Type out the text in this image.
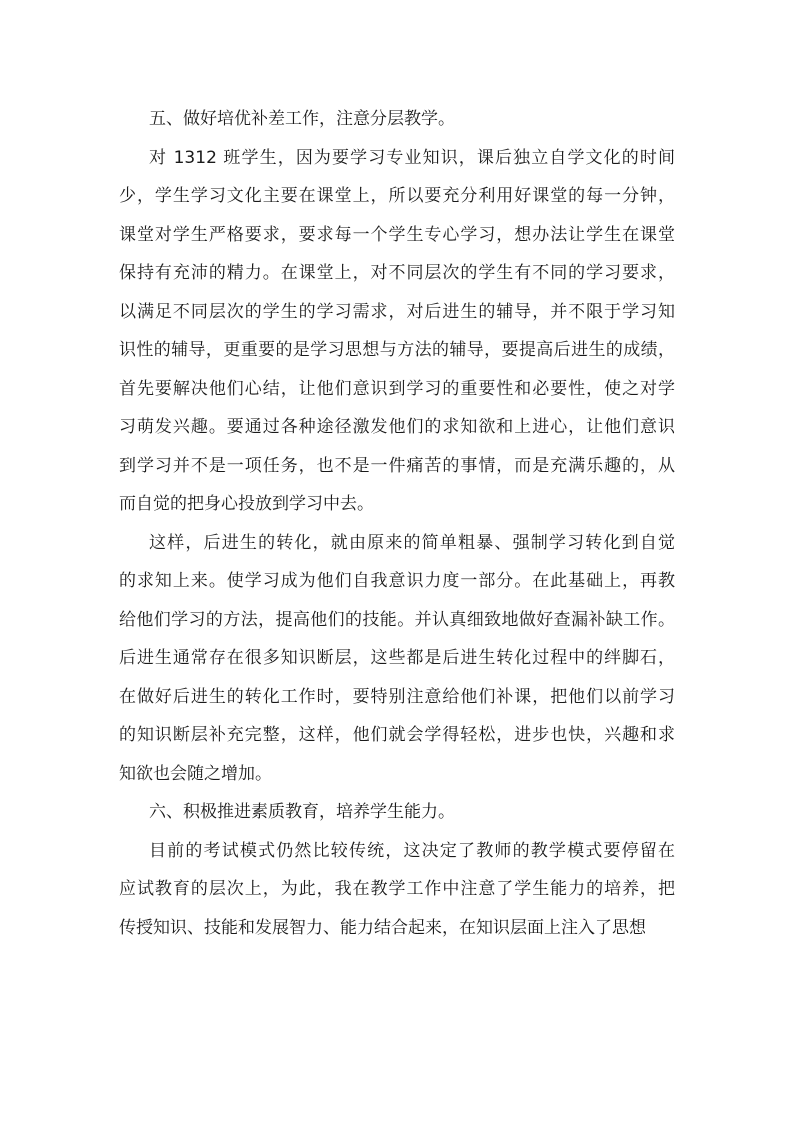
五、做好培优补差工作，注意分层教学。
对 1312 班学生，因为要学习专业知识，课后独立自学文化的时间
少，学生学习文化主要在课堂上，所以要充分利用好课堂的每一分钟，
课堂对学生严格要求，要求每一个学生专心学习，想办法让学生在课堂
保持有充沛的精力。在课堂上，对不同层次的学生有不同的学习要求，
以满足不同层次的学生的学习需求，对后进生的辅导，并不限于学习知
识性的辅导，更重要的是学习思想与方法的辅导，要提高后进生的成绩，
首先要解决他们心结，让他们意识到学习的重要性和必要性，使之对学
习萌发兴趣。要通过各种途径激发他们的求知欲和上进心，让他们意识
到学习并不是一项任务，也不是一件痛苦的事情，而是充满乐趣的，从
而自觉的把身心投放到学习中去。
这样，后进生的转化，就由原来的简单粗暴、强制学习转化到自觉
的求知上来。使学习成为他们自我意识力度一部分。在此基础上，再教
给他们学习的方法，提高他们的技能。并认真细致地做好查漏补缺工作。
后进生通常存在很多知识断层，这些都是后进生转化过程中的绊脚石，
在做好后进生的转化工作时，要特别注意给他们补课，把他们以前学习
的知识断层补充完整，这样，他们就会学得轻松，进步也快，兴趣和求
知欲也会随之增加。
六、积极推进素质教育，培养学生能力。
目前的考试模式仍然比较传统，这决定了教师的教学模式要停留在
应试教育的层次上，为此，我在教学工作中注意了学生能力的培养，把
传授知识、技能和发展智力、能力结合起来，在知识层面上注入了思想
